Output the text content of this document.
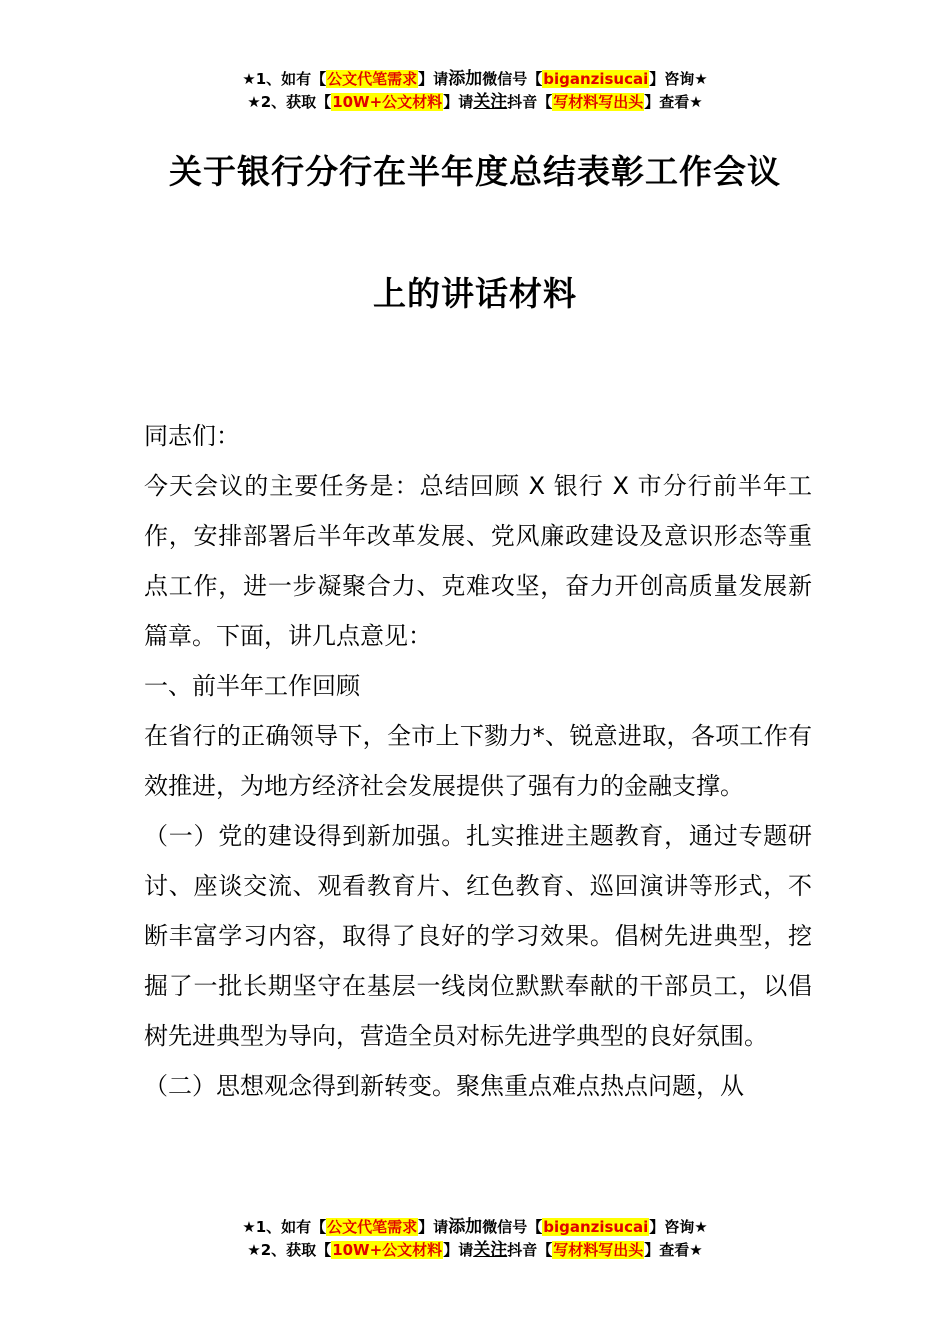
★1、如有【公文代笔需求】请添加微信号【biganzisucai】咨询★
★2、获取【10W+公文材料】请关注抖音【写材料写出头】查看★
关于银行分行在半年度总结表彰工作会议
上的讲话材料

同志们：

今天会议的主要任务是：总结回顾 X 银行 X 市分行前半年工作，安排部署后半年改革发展、党风廉政建设及意识形态等重点工作，进一步凝聚合力、克难攻坚，奋力开创高质量发展新篇章。下面，讲几点意见：

一、前半年工作回顾

在省行的正确领导下，全市上下勠力*、锐意进取，各项工作有效推进，为地方经济社会发展提供了强有力的金融支撑。

（一）党的建设得到新加强。扎实推进主题教育，通过专题研讨、座谈交流、观看教育片、红色教育、巡回演讲等形式，不断丰富学习内容，取得了良好的学习效果。倡树先进典型，挖掘了一批长期坚守在基层一线岗位默默奉献的干部员工，以倡树先进典型为导向，营造全员对标先进学典型的良好氛围。

（二）思想观念得到新转变。聚焦重点难点热点问题，从

★1、如有【公文代笔需求】请添加微信号【biganzisucai】咨询★
★2、获取【10W+公文材料】请关注抖音【写材料写出头】查看★
